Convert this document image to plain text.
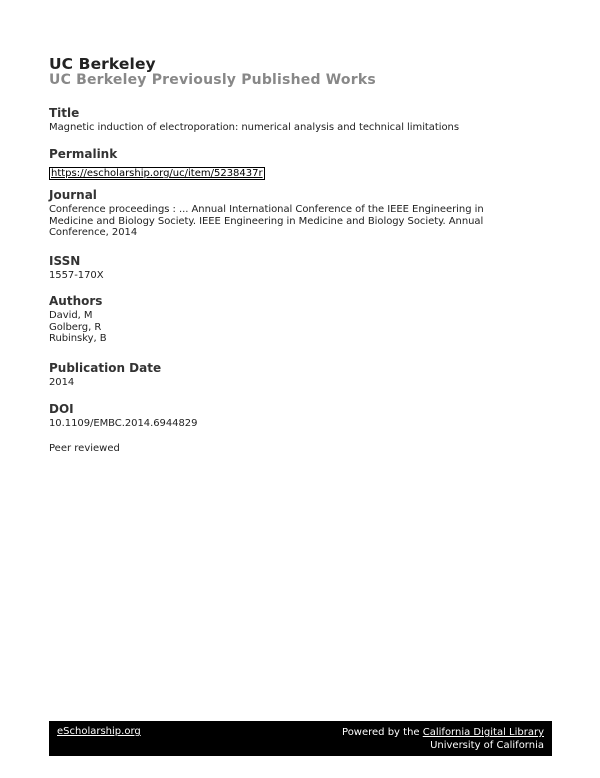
UC Berkeley
UC Berkeley Previously Published Works
Title
Magnetic induction of electroporation: numerical analysis and technical limitations
Permalink
https://escholarship.org/uc/item/5238437r
Journal
Conference proceedings : ... Annual International Conference of the IEEE Engineering in
Medicine and Biology Society. IEEE Engineering in Medicine and Biology Society. Annual
Conference, 2014
ISSN
1557-170X
Authors
David, M
Golberg, R
Rubinsky, B
Publication Date
2014
DOI
10.1109/EMBC.2014.6944829
Peer reviewed
eScholarship.org	Powered by the California Digital Library
University of California
